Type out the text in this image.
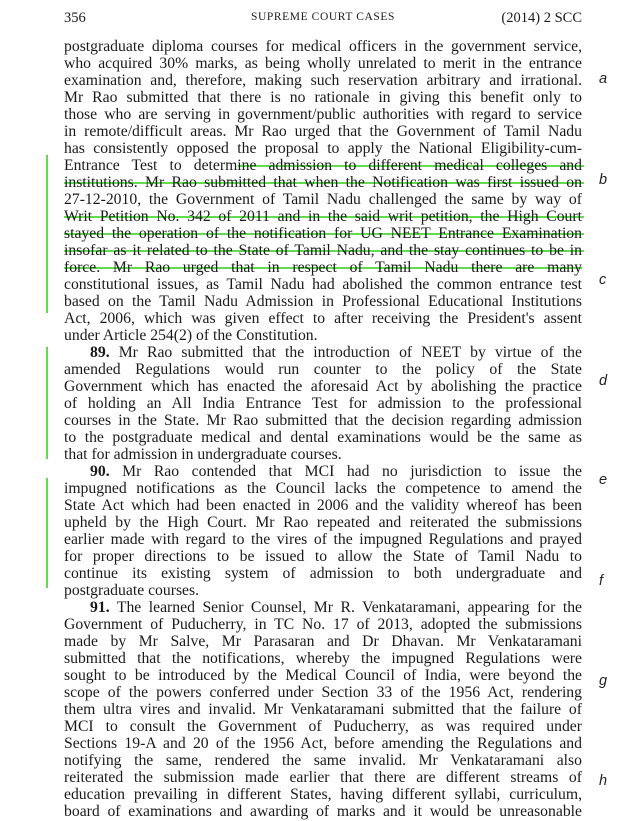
356	SUPREME COURT CASES	(2014) 2 SCC
a
b
c
d
e
f
g
h
postgraduate diploma courses for medical officers in the government service,
who acquired 30% marks, as being wholly unrelated to merit in the entrance
examination and, therefore, making such reservation arbitrary and irrational.
Mr Rao submitted that there is no rationale in giving this benefit only to
those who are serving in government/public authorities with regard to service
in remote/difficult areas. Mr Rao urged that the Government of Tamil Nadu
has consistently opposed the proposal to apply the National Eligibility-cum-
Entrance Test to determine admission to different medical colleges and
institutions. Mr Rao submitted that when the Notification was first issued on
27-12-2010, the Government of Tamil Nadu challenged the same by way of
Writ Petition No. 342 of 2011 and in the said writ petition, the High Court
stayed the operation of the notification for UG NEET Entrance Examination
insofar as it related to the State of Tamil Nadu, and the stay continues to be in
force. Mr Rao urged that in respect of Tamil Nadu there are many
constitutional issues, as Tamil Nadu had abolished the common entrance test
based on the Tamil Nadu Admission in Professional Educational Institutions
Act, 2006, which was given effect to after receiving the President's assent
under Article 254(2) of the Constitution.
89. Mr Rao submitted that the introduction of NEET by virtue of the
amended Regulations would run counter to the policy of the State
Government which has enacted the aforesaid Act by abolishing the practice
of holding an All India Entrance Test for admission to the professional
courses in the State. Mr Rao submitted that the decision regarding admission
to the postgraduate medical and dental examinations would be the same as
that for admission in undergraduate courses.
90. Mr Rao contended that MCI had no jurisdiction to issue the
impugned notifications as the Council lacks the competence to amend the
State Act which had been enacted in 2006 and the validity whereof has been
upheld by the High Court. Mr Rao repeated and reiterated the submissions
earlier made with regard to the vires of the impugned Regulations and prayed
for proper directions to be issued to allow the State of Tamil Nadu to
continue its existing system of admission to both undergraduate and
postgraduate courses.
91. The learned Senior Counsel, Mr R. Venkataramani, appearing for the
Government of Puducherry, in TC No. 17 of 2013, adopted the submissions
made by Mr Salve, Mr Parasaran and Dr Dhavan. Mr Venkataramani
submitted that the notifications, whereby the impugned Regulations were
sought to be introduced by the Medical Council of India, were beyond the
scope of the powers conferred under Section 33 of the 1956 Act, rendering
them ultra vires and invalid. Mr Venkataramani submitted that the failure of
MCI to consult the Government of Puducherry, as was required under
Sections 19-A and 20 of the 1956 Act, before amending the Regulations and
notifying the same, rendered the same invalid. Mr Venkataramani also
reiterated the submission made earlier that there are different streams of
education prevailing in different States, having different syllabi, curriculum,
board of examinations and awarding of marks and it would be unreasonable
